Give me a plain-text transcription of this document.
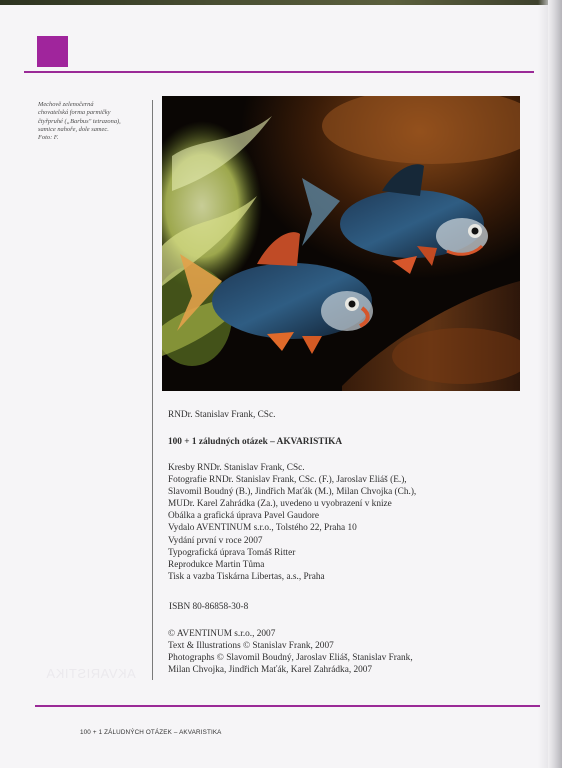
Mechově zelenočerná
chovatelská forma parmičky
čtyřpruhé („Barbus" tetrazona),
samice nahoře, dole samec.
Foto: F.
AKVARISTIKA
RNDr. Stanislav Frank, CSc.
100 + 1 záludných otázek – AKVARISTIKA
Kresby RNDr. Stanislav Frank, CSc.
Fotografie RNDr. Stanislav Frank, CSc. (F.), Jaroslav Eliáš (E.),
Slavomil Boudný (B.), Jindřich Maťák (M.), Milan Chvojka (Ch.),
MUDr. Karel Zahrádka (Za.), uvedeno u vyobrazení v knize
Obálka a grafická úprava Pavel Gaudore
Vydalo AVENTINUM s.r.o., Tolstého 22, Praha 10
Vydání první v roce 2007
Typografická úprava Tomáš Ritter
Reprodukce Martin Tůma
Tisk a vazba Tiskárna Libertas, a.s., Praha
ISBN 80-86858-30-8
© AVENTINUM s.r.o., 2007
Text & Illustrations © Stanislav Frank, 2007
Photographs © Slavomil Boudný, Jaroslav Eliáš, Stanislav Frank,
Milan Chvojka, Jindřich Maťák, Karel Zahrádka, 2007
100 + 1 ZÁLUDNÝCH OTÁZEK – AKVARISTIKA
